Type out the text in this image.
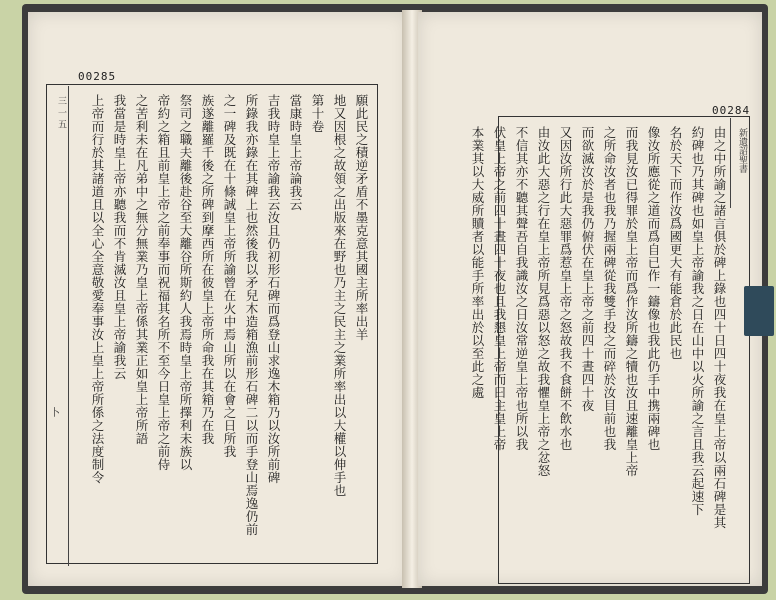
00285
三 一 五	願此民之積逆矛盾不墨克意其國主所率出羊
地又因根之故領之出版來在野也乃主之民主之業所率出以大權以伸手也
第十卷
當康時皇上帝論我云
吉我時皇上帝諭我云汝且仍初形石碑而爲登山求逸木箱乃以汝所前碑
所錄我亦錄在其碑上也然後我以矛兒木造箱漁前形石碑二以而手登山焉逸仍前
之一碑及既在十條誠皇上帝所諭曾在火中焉山所以在會之日所我
族遂離羅千後之所碑到摩西所在彼皇上帝所命我在其箱乃在我
祭司之職夫離後赴谷至大離谷所斯約人我焉時皇上帝所擇利未族以
帝約之箱且前皇上帝之前奉事而祝福其名所不至今日皇上帝之前侍
之苦利未在凡弟中之無分無業乃皇上帝係其業正如皇上帝所語
我當是時皇上帝亦聽我而不肯滅汝且皇上帝諭我云
上帝而行於其諸道且以全心全意敬愛奉事汝上皇上帝所係之法度制令
卜
00284
由之中所諭之諸言俱於碑上錄也四十日四十夜我在皇上帝以兩石碑是其
約碑也乃其碑也如皇上帝諭我之日在山中以火所諭之言且我云起速下
名於天下而作汝爲國更大有能倉於此民也
像汝所應從之道而爲自已作一鑄像也我此仍手中携兩碑也
而我見汝已得罪於皇上帝而爲作汝所鑄之犢也汝且速離皇上帝
之所命汝者也我乃握兩碑從我雙手投之而碎於汝目前也我
而欲滅汝於是我仍俯伏在皇上帝之前四十晝四十夜
又因汝所行此大惡罪爲惹皇上帝之怒故我不食餅不飲水也
由汝此大惡之行在皇上帝所見爲惡以怒之故我懼皇上帝之忿怒
不信其亦不聽其聲吾自我識汝之日汝常逆皇上帝也所以我
伏皇上帝之前四十晝四十夜也且我懇皇上帝而曰主皇上帝
本業其以大威所贖者以能手所率出於以至此之處	新遺詔聖書
